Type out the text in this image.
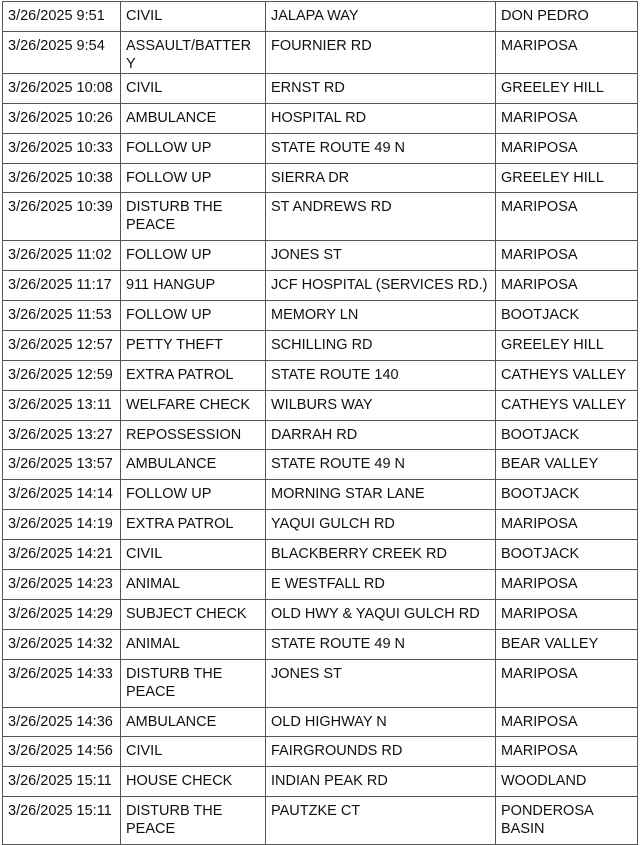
3/26/2025 9:51	CIVIL	JALAPA WAY	DON PEDRO
3/26/2025 9:54	ASSAULT/BATTERY	FOURNIER RD	MARIPOSA
3/26/2025 10:08	CIVIL	ERNST RD	GREELEY HILL
3/26/2025 10:26	AMBULANCE	HOSPITAL RD	MARIPOSA
3/26/2025 10:33	FOLLOW UP	STATE ROUTE 49 N	MARIPOSA
3/26/2025 10:38	FOLLOW UP	SIERRA DR	GREELEY HILL
3/26/2025 10:39	DISTURB THE PEACE	ST ANDREWS RD	MARIPOSA
3/26/2025 11:02	FOLLOW UP	JONES ST	MARIPOSA
3/26/2025 11:17	911 HANGUP	JCF HOSPITAL (SERVICES RD.)	MARIPOSA
3/26/2025 11:53	FOLLOW UP	MEMORY LN	BOOTJACK
3/26/2025 12:57	PETTY THEFT	SCHILLING RD	GREELEY HILL
3/26/2025 12:59	EXTRA PATROL	STATE ROUTE 140	CATHEYS VALLEY
3/26/2025 13:11	WELFARE CHECK	WILBURS WAY	CATHEYS VALLEY
3/26/2025 13:27	REPOSSESSION	DARRAH RD	BOOTJACK
3/26/2025 13:57	AMBULANCE	STATE ROUTE 49 N	BEAR VALLEY
3/26/2025 14:14	FOLLOW UP	MORNING STAR LANE	BOOTJACK
3/26/2025 14:19	EXTRA PATROL	YAQUI GULCH RD	MARIPOSA
3/26/2025 14:21	CIVIL	BLACKBERRY CREEK RD	BOOTJACK
3/26/2025 14:23	ANIMAL	E WESTFALL RD	MARIPOSA
3/26/2025 14:29	SUBJECT CHECK	OLD HWY & YAQUI GULCH RD	MARIPOSA
3/26/2025 14:32	ANIMAL	STATE ROUTE 49 N	BEAR VALLEY
3/26/2025 14:33	DISTURB THE PEACE	JONES ST	MARIPOSA
3/26/2025 14:36	AMBULANCE	OLD HIGHWAY N	MARIPOSA
3/26/2025 14:56	CIVIL	FAIRGROUNDS RD	MARIPOSA
3/26/2025 15:11	HOUSE CHECK	INDIAN PEAK RD	WOODLAND
3/26/2025 15:11	DISTURB THE PEACE	PAUTZKE CT	PONDEROSA BASIN
